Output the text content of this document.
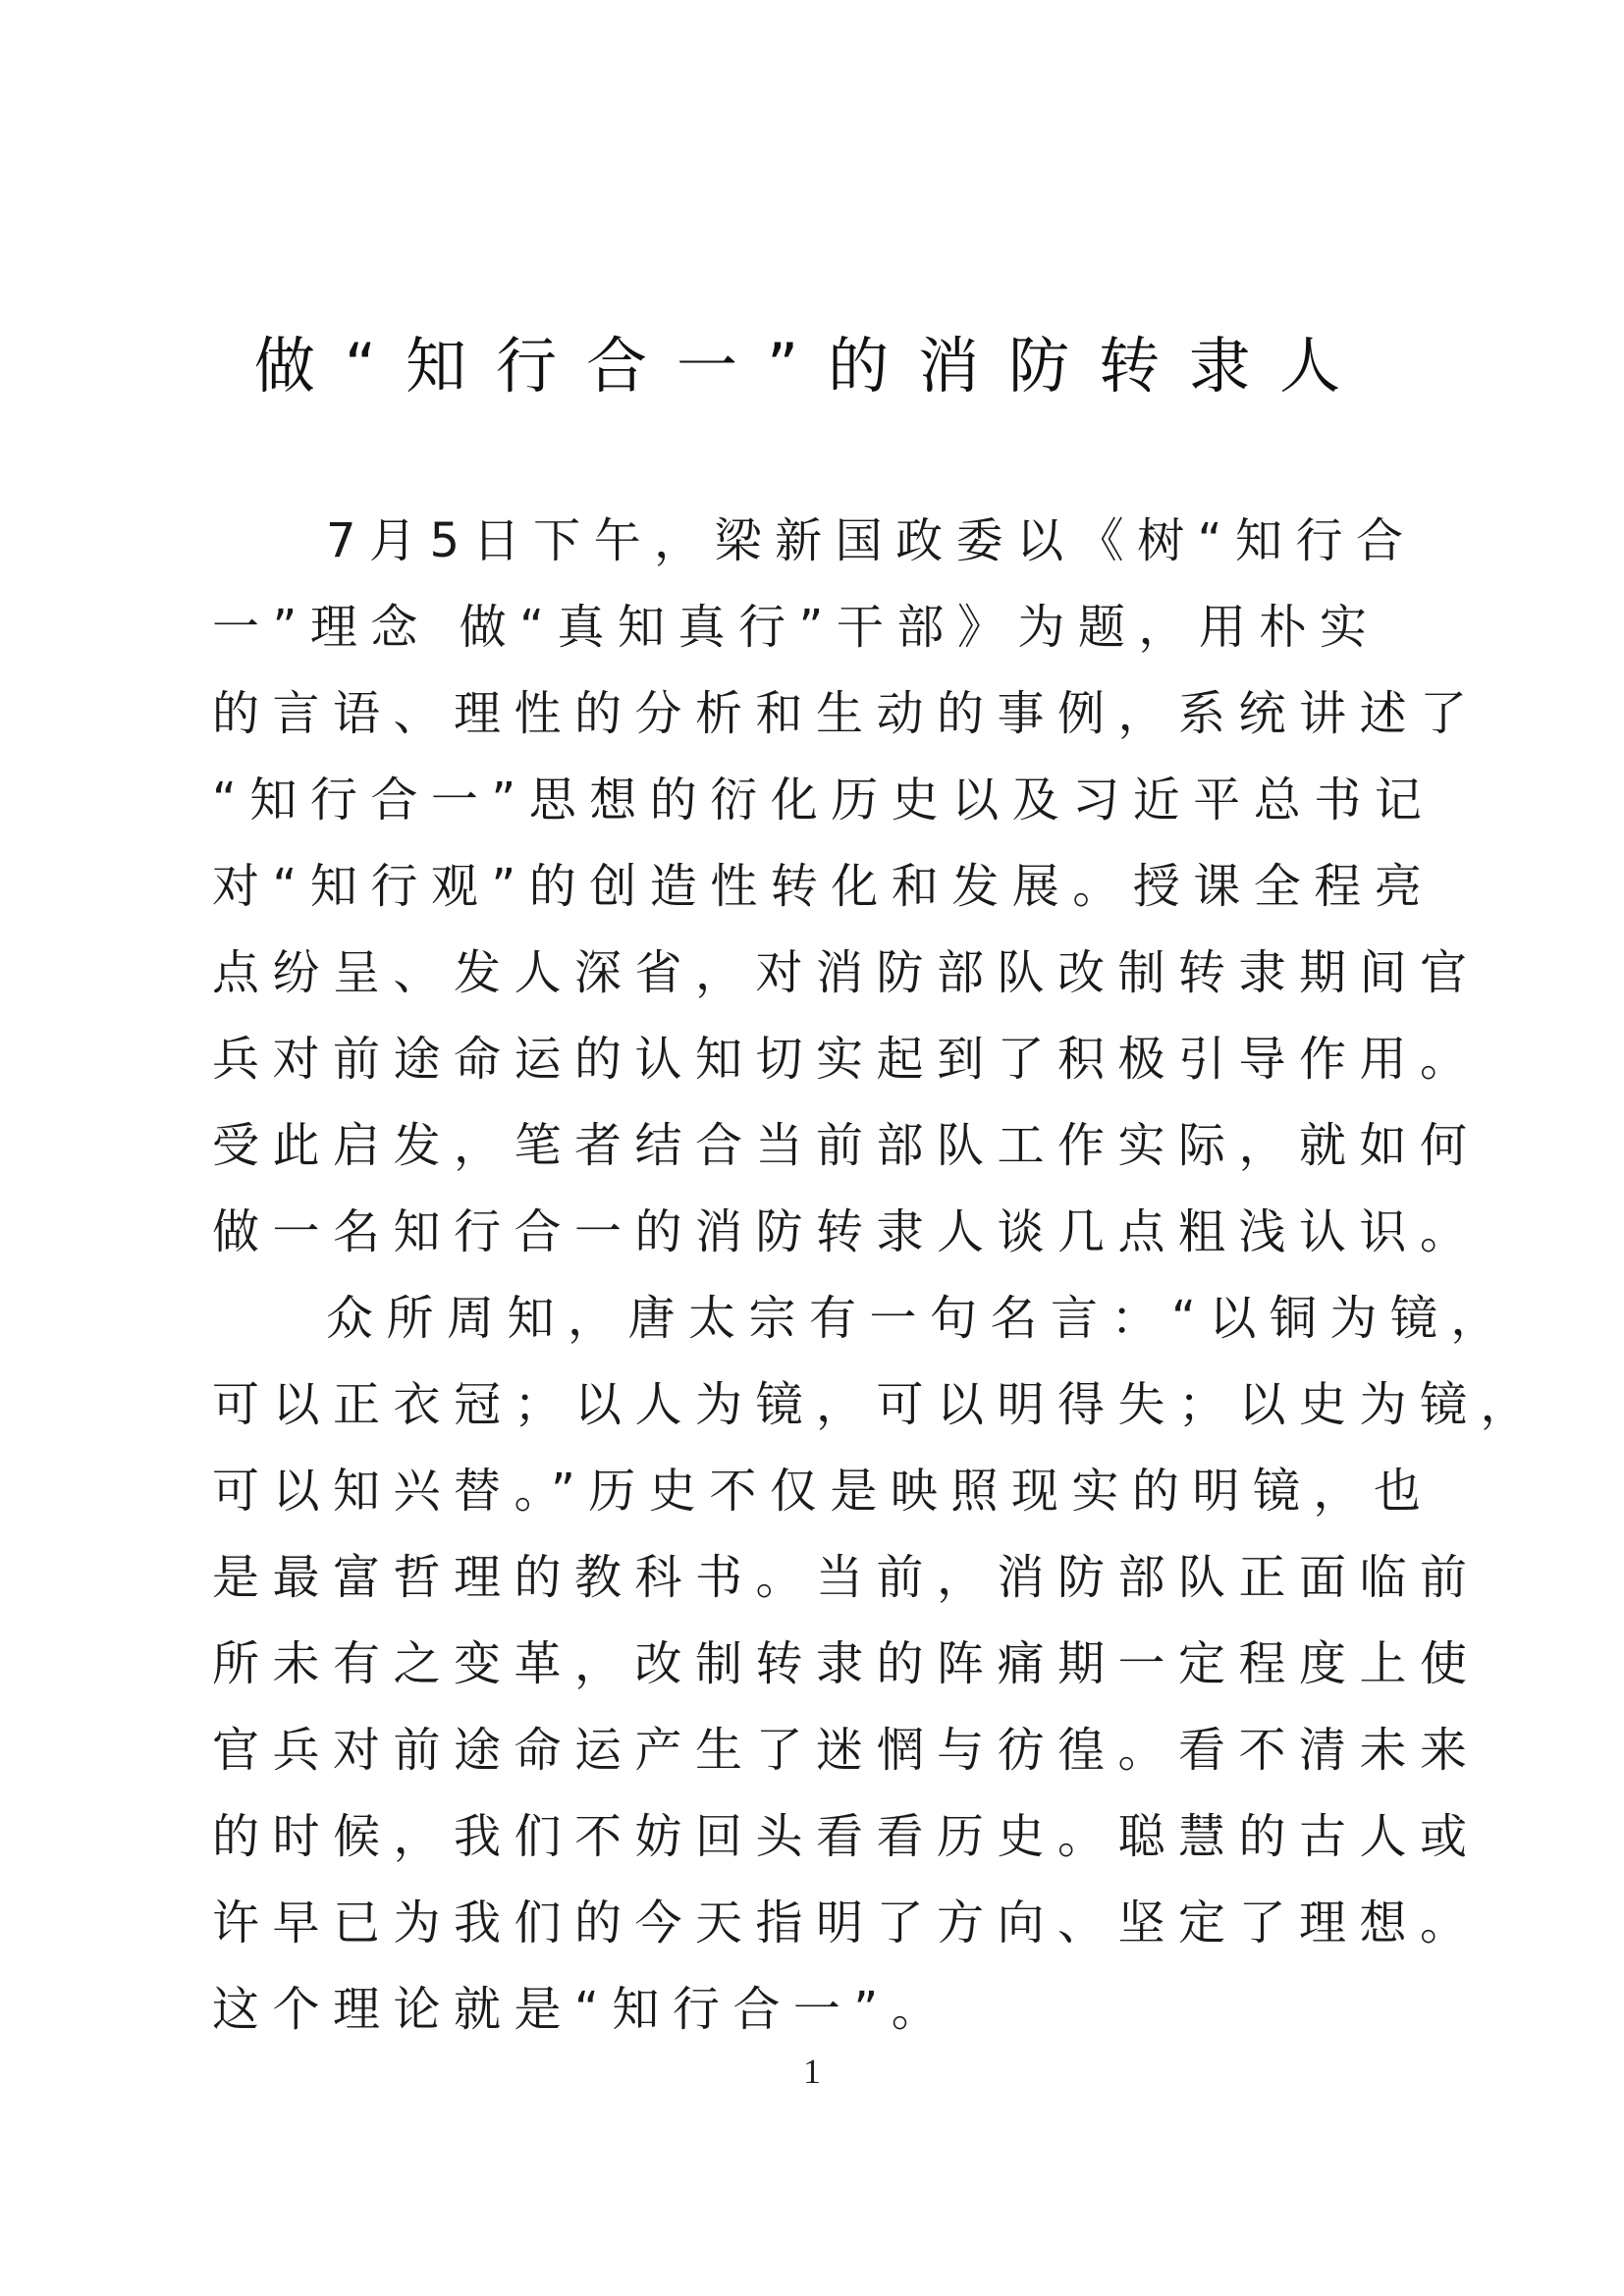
做“知行合一”的消防转隶人
7月5日下午，梁新国政委以《树“知行合
一”理念 做“真知真行”干部》为题，用朴实
的言语、理性的分析和生动的事例，系统讲述了
“知行合一”思想的衍化历史以及习近平总书记
对“知行观”的创造性转化和发展。授课全程亮
点纷呈、发人深省，对消防部队改制转隶期间官
兵对前途命运的认知切实起到了积极引导作用。
受此启发，笔者结合当前部队工作实际，就如何
做一名知行合一的消防转隶人谈几点粗浅认识。
众所周知，唐太宗有一句名言：“以铜为镜，
可以正衣冠；以人为镜，可以明得失；以史为镜，
可以知兴替。”历史不仅是映照现实的明镜，也
是最富哲理的教科书。当前，消防部队正面临前
所未有之变革，改制转隶的阵痛期一定程度上使
官兵对前途命运产生了迷惘与彷徨。看不清未来
的时候，我们不妨回头看看历史。聪慧的古人或
许早已为我们的今天指明了方向、坚定了理想。
这个理论就是“知行合一”。
1
